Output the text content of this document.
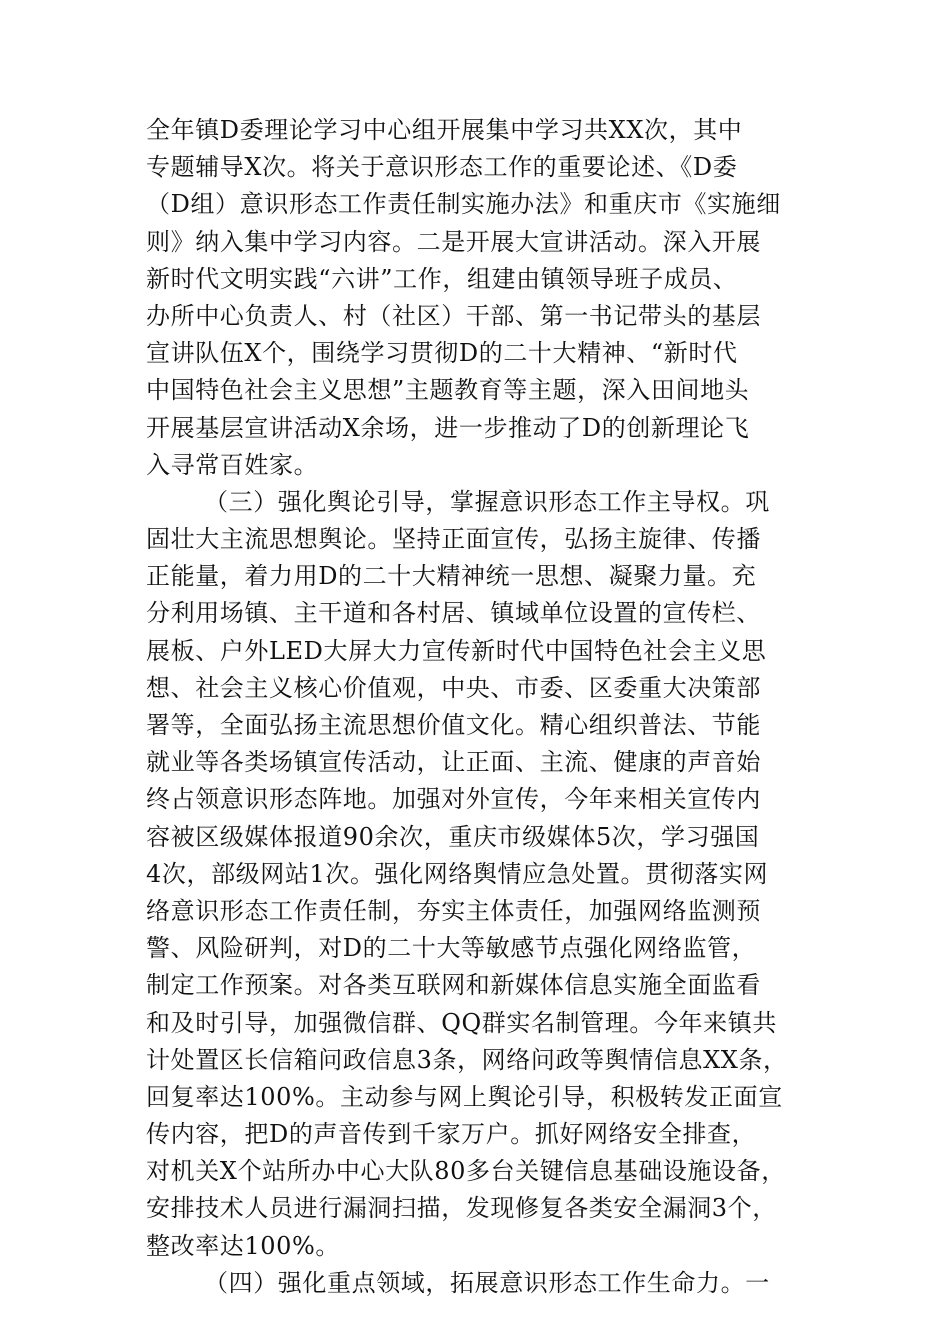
全年镇D委理论学习中心组开展集中学习共XX次，其中
专题辅导X次。将关于意识形态工作的重要论述、《D委
（D组）意识形态工作责任制实施办法》和重庆市《实施细
则》纳入集中学习内容。二是开展大宣讲活动。深入开展
新时代文明实践“六讲”工作，组建由镇领导班子成员、
办所中心负责人、村（社区）干部、第一书记带头的基层
宣讲队伍X个，围绕学习贯彻D的二十大精神、“新时代
中国特色社会主义思想”主题教育等主题，深入田间地头
开展基层宣讲活动X余场，进一步推动了D的创新理论飞
入寻常百姓家。
（三）强化舆论引导，掌握意识形态工作主导权。巩
固壮大主流思想舆论。坚持正面宣传，弘扬主旋律、传播
正能量，着力用D的二十大精神统一思想、凝聚力量。充
分利用场镇、主干道和各村居、镇域单位设置的宣传栏、
展板、户外LED大屏大力宣传新时代中国特色社会主义思
想、社会主义核心价值观，中央、市委、区委重大决策部
署等，全面弘扬主流思想价值文化。精心组织普法、节能
就业等各类场镇宣传活动，让正面、主流、健康的声音始
终占领意识形态阵地。加强对外宣传，今年来相关宣传内
容被区级媒体报道90余次，重庆市级媒体5次，学习强国
4次，部级网站1次。强化网络舆情应急处置。贯彻落实网
络意识形态工作责任制，夯实主体责任，加强网络监测预
警、风险研判，对D的二十大等敏感节点强化网络监管，
制定工作预案。对各类互联网和新媒体信息实施全面监看
和及时引导，加强微信群、QQ群实名制管理。今年来镇共
计处置区长信箱问政信息3条，网络问政等舆情信息XX条，
回复率达100%。主动参与网上舆论引导，积极转发正面宣
传内容，把D的声音传到千家万户。抓好网络安全排查，
对机关X个站所办中心大队80多台关键信息基础设施设备，
安排技术人员进行漏洞扫描，发现修复各类安全漏洞3个，
整改率达100%。
（四）强化重点领域，拓展意识形态工作生命力。一
